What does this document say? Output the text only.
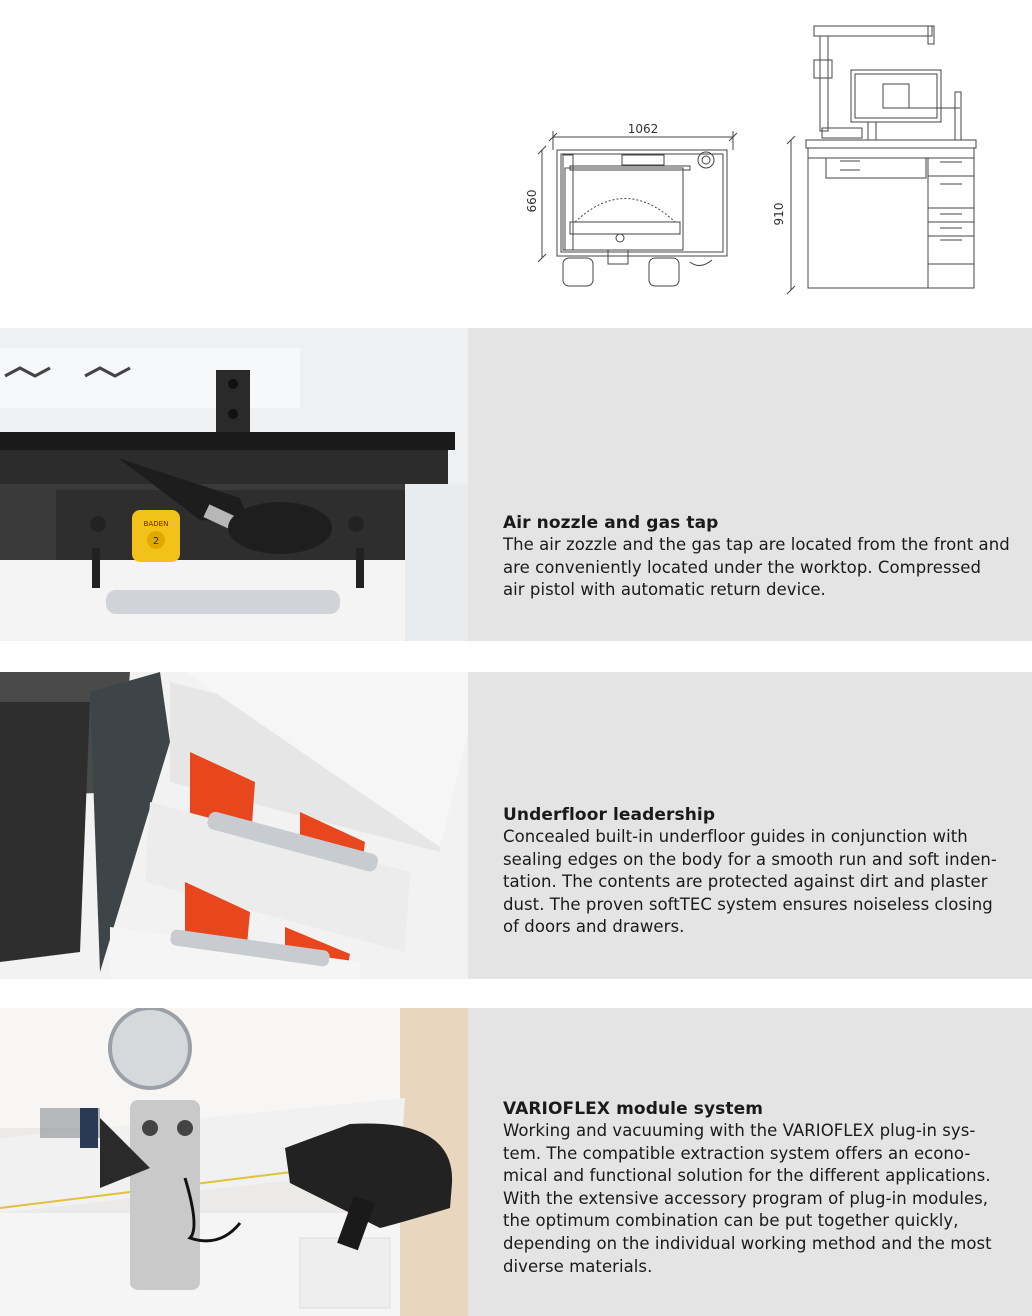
1062
660
910
BADEN
2
Air nozzle and gas tap
The air zozzle and the gas tap are located from the front and
are conveniently located under the worktop. Compressed
air pistol with automatic return device.
Underfloor leadership
Concealed built-in underfloor guides in conjunction with
sealing edges on the body for a smooth run and soft inden-
tation. The contents are protected against dirt and plaster
dust. The proven softTEC system ensures noiseless closing
of doors and drawers.
VARIOFLEX module system
Working and vacuuming with the VARIOFLEX plug-in sys-
tem. The compatible extraction system offers an econo-
mical and functional solution for the different applications.
With the extensive accessory program of plug-in modules,
the optimum combination can be put together quickly,
depending on the individual working method and the most
diverse materials.
